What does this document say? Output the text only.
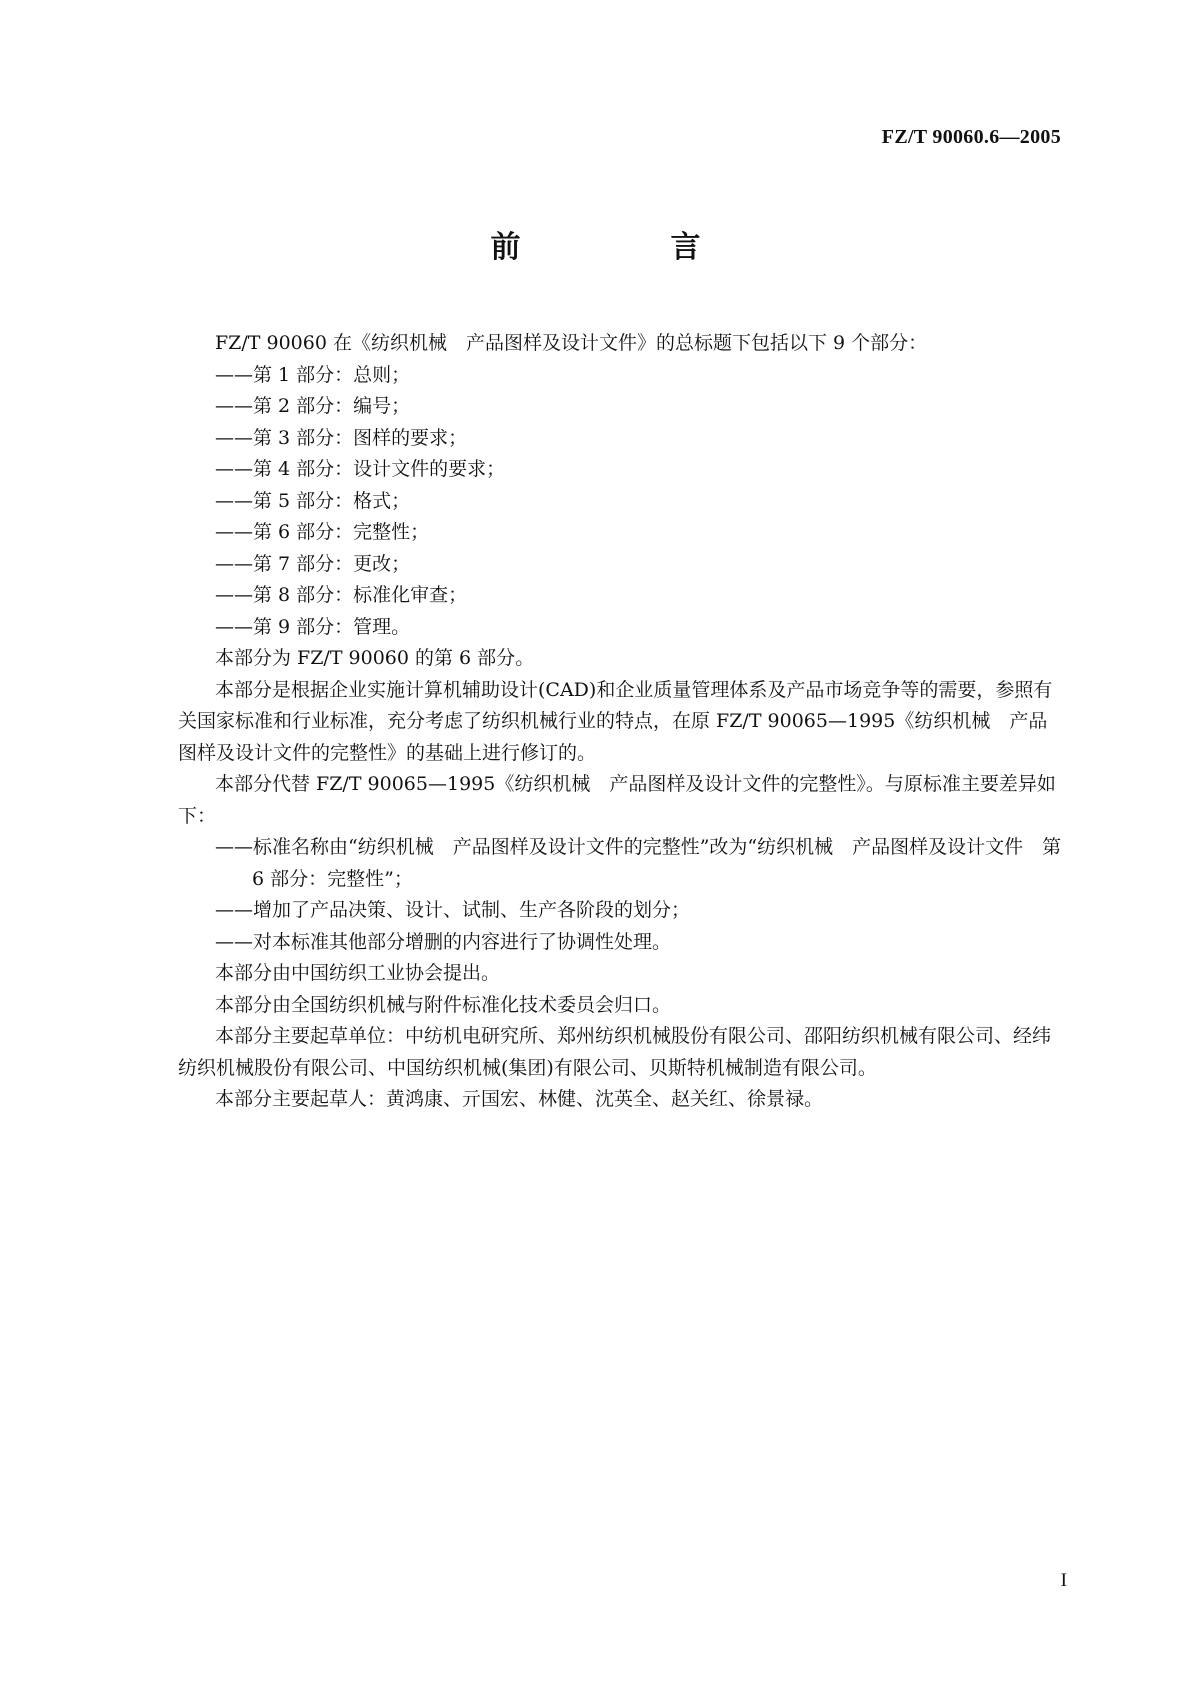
FZ/T 90060.6—2005
前　言

FZ/T 90060 在《纺织机械　产品图样及设计文件》的总标题下包括以下 9 个部分：

——第 1 部分：总则；

——第 2 部分：编号；

——第 3 部分：图样的要求；

——第 4 部分：设计文件的要求；

——第 5 部分：格式；

——第 6 部分：完整性；

——第 7 部分：更改；

——第 8 部分：标准化审查；

——第 9 部分：管理。

本部分为 FZ/T 90060 的第 6 部分。

本部分是根据企业实施计算机辅助设计(CAD)和企业质量管理体系及产品市场竞争等的需要，参照有关国家标准和行业标准，充分考虑了纺织机械行业的特点，在原 FZ/T 90065—1995《纺织机械　产品图样及设计文件的完整性》的基础上进行修订的。

本部分代替 FZ/T 90065—1995《纺织机械　产品图样及设计文件的完整性》。与原标准主要差异如下：

——标准名称由“纺织机械　产品图样及设计文件的完整性”改为“纺织机械　产品图样及设计文件　第 6 部分：完整性”；

——增加了产品决策、设计、试制、生产各阶段的划分；

——对本标准其他部分增删的内容进行了协调性处理。

本部分由中国纺织工业协会提出。

本部分由全国纺织机械与附件标准化技术委员会归口。

本部分主要起草单位：中纺机电研究所、郑州纺织机械股份有限公司、邵阳纺织机械有限公司、经纬纺织机械股份有限公司、中国纺织机械(集团)有限公司、贝斯特机械制造有限公司。

本部分主要起草人：黄鸿康、亓国宏、林健、沈英全、赵关红、徐景禄。

I
